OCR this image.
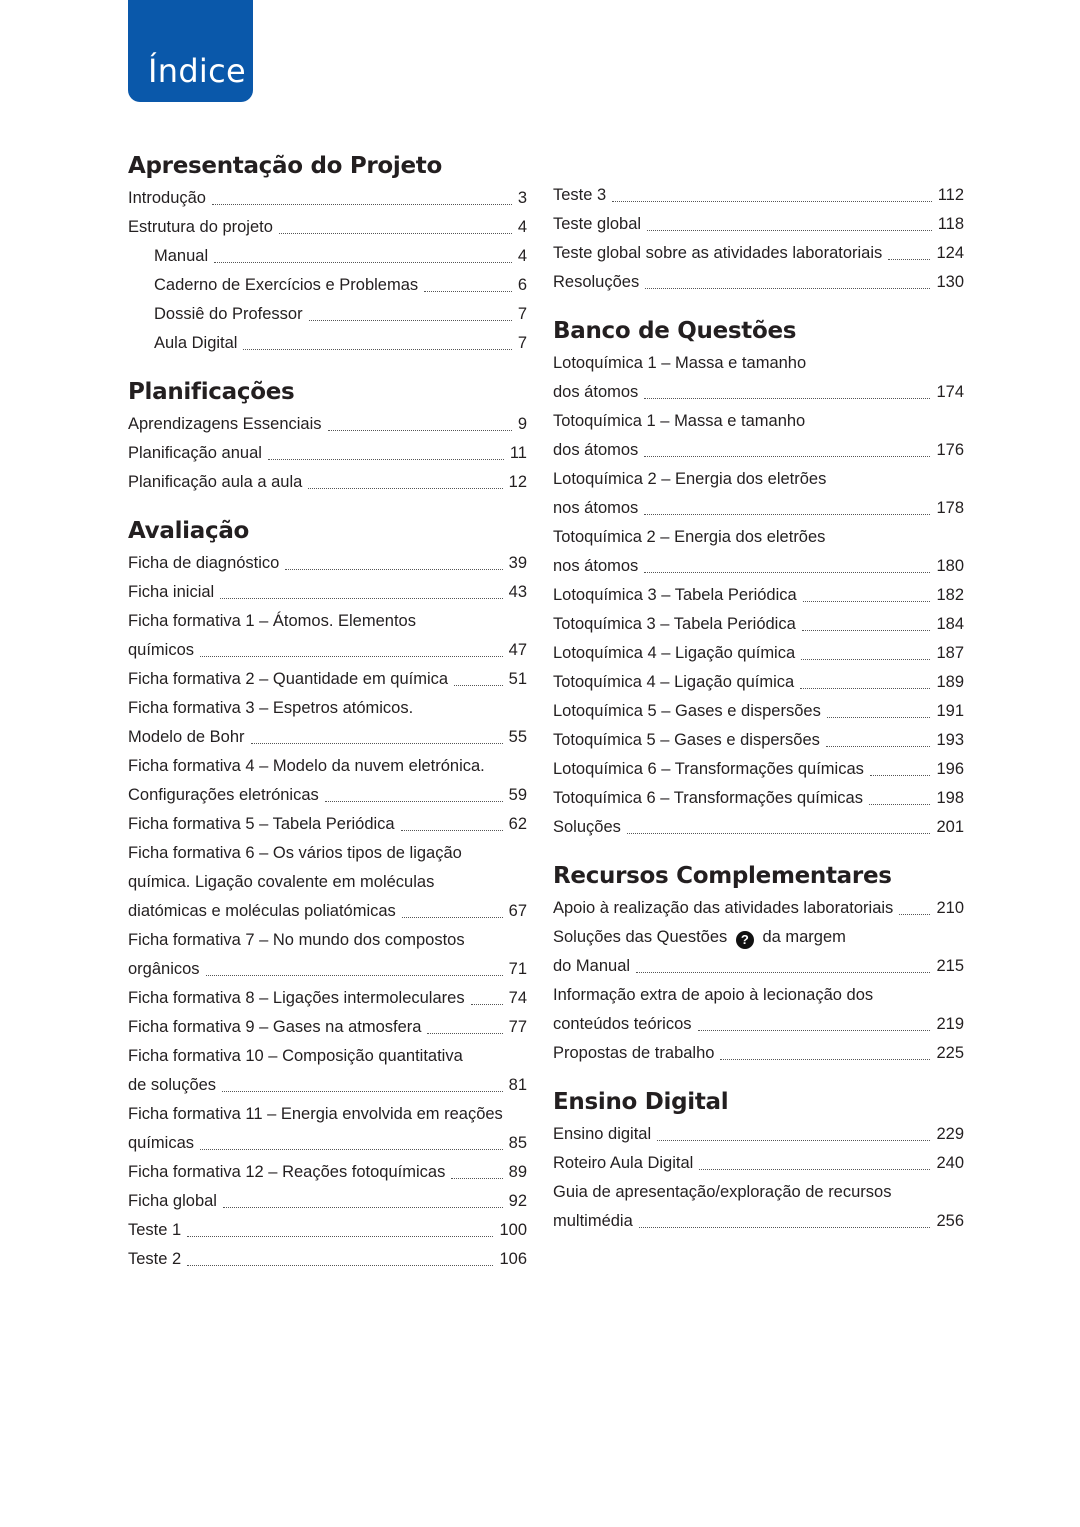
Índice
Apresentação do Projeto
Introdução	3
Estrutura do projeto	4
Manual	4
Caderno de Exercícios e Problemas	6
Dossiê do Professor	7
Aula Digital	7
Planificações
Aprendizagens Essenciais	9
Planificação anual	11
Planificação aula a aula	12
Avaliação
Ficha de diagnóstico	39
Ficha inicial	43
Ficha formativa 1 – Átomos. Elementos
químicos	47
Ficha formativa 2 – Quantidade em química	51
Ficha formativa 3 – Espetros atómicos.
Modelo de Bohr	55
Ficha formativa 4 – Modelo da nuvem eletrónica.
Configurações eletrónicas	59
Ficha formativa 5 – Tabela Periódica	62
Ficha formativa 6 – Os vários tipos de ligação
química. Ligação covalente em moléculas
diatómicas e moléculas poliatómicas	67
Ficha formativa 7 – No mundo dos compostos
orgânicos	71
Ficha formativa 8 – Ligações intermoleculares	74
Ficha formativa 9 – Gases na atmosfera	77
Ficha formativa 10 – Composição quantitativa
de soluções	81
Ficha formativa 11 – Energia envolvida em reações
químicas	85
Ficha formativa 12 – Reações fotoquímicas	89
Ficha global	92
Teste 1	100
Teste 2	106
Teste 3	112
Teste global	118
Teste global sobre as atividades laboratoriais	124
Resoluções	130
Banco de Questões
Lotoquímica 1 – Massa e tamanho
dos átomos	174
Totoquímica 1 – Massa e tamanho
dos átomos	176
Lotoquímica 2 – Energia dos eletrões
nos átomos	178
Totoquímica 2 – Energia dos eletrões
nos átomos	180
Lotoquímica 3 – Tabela Periódica	182
Totoquímica 3 – Tabela Periódica	184
Lotoquímica 4 – Ligação química	187
Totoquímica 4 – Ligação química	189
Lotoquímica 5 – Gases e dispersões	191
Totoquímica 5 – Gases e dispersões	193
Lotoquímica 6 – Transformações químicas	196
Totoquímica 6 – Transformações químicas	198
Soluções	201
Recursos Complementares
Apoio à realização das atividades laboratoriais	210
Soluções das Questões ? da margem
do Manual	215
Informação extra de apoio à lecionação dos
conteúdos teóricos	219
Propostas de trabalho	225
Ensino Digital
Ensino digital	229
Roteiro Aula Digital	240
Guia de apresentação/exploração de recursos
multimédia	256
